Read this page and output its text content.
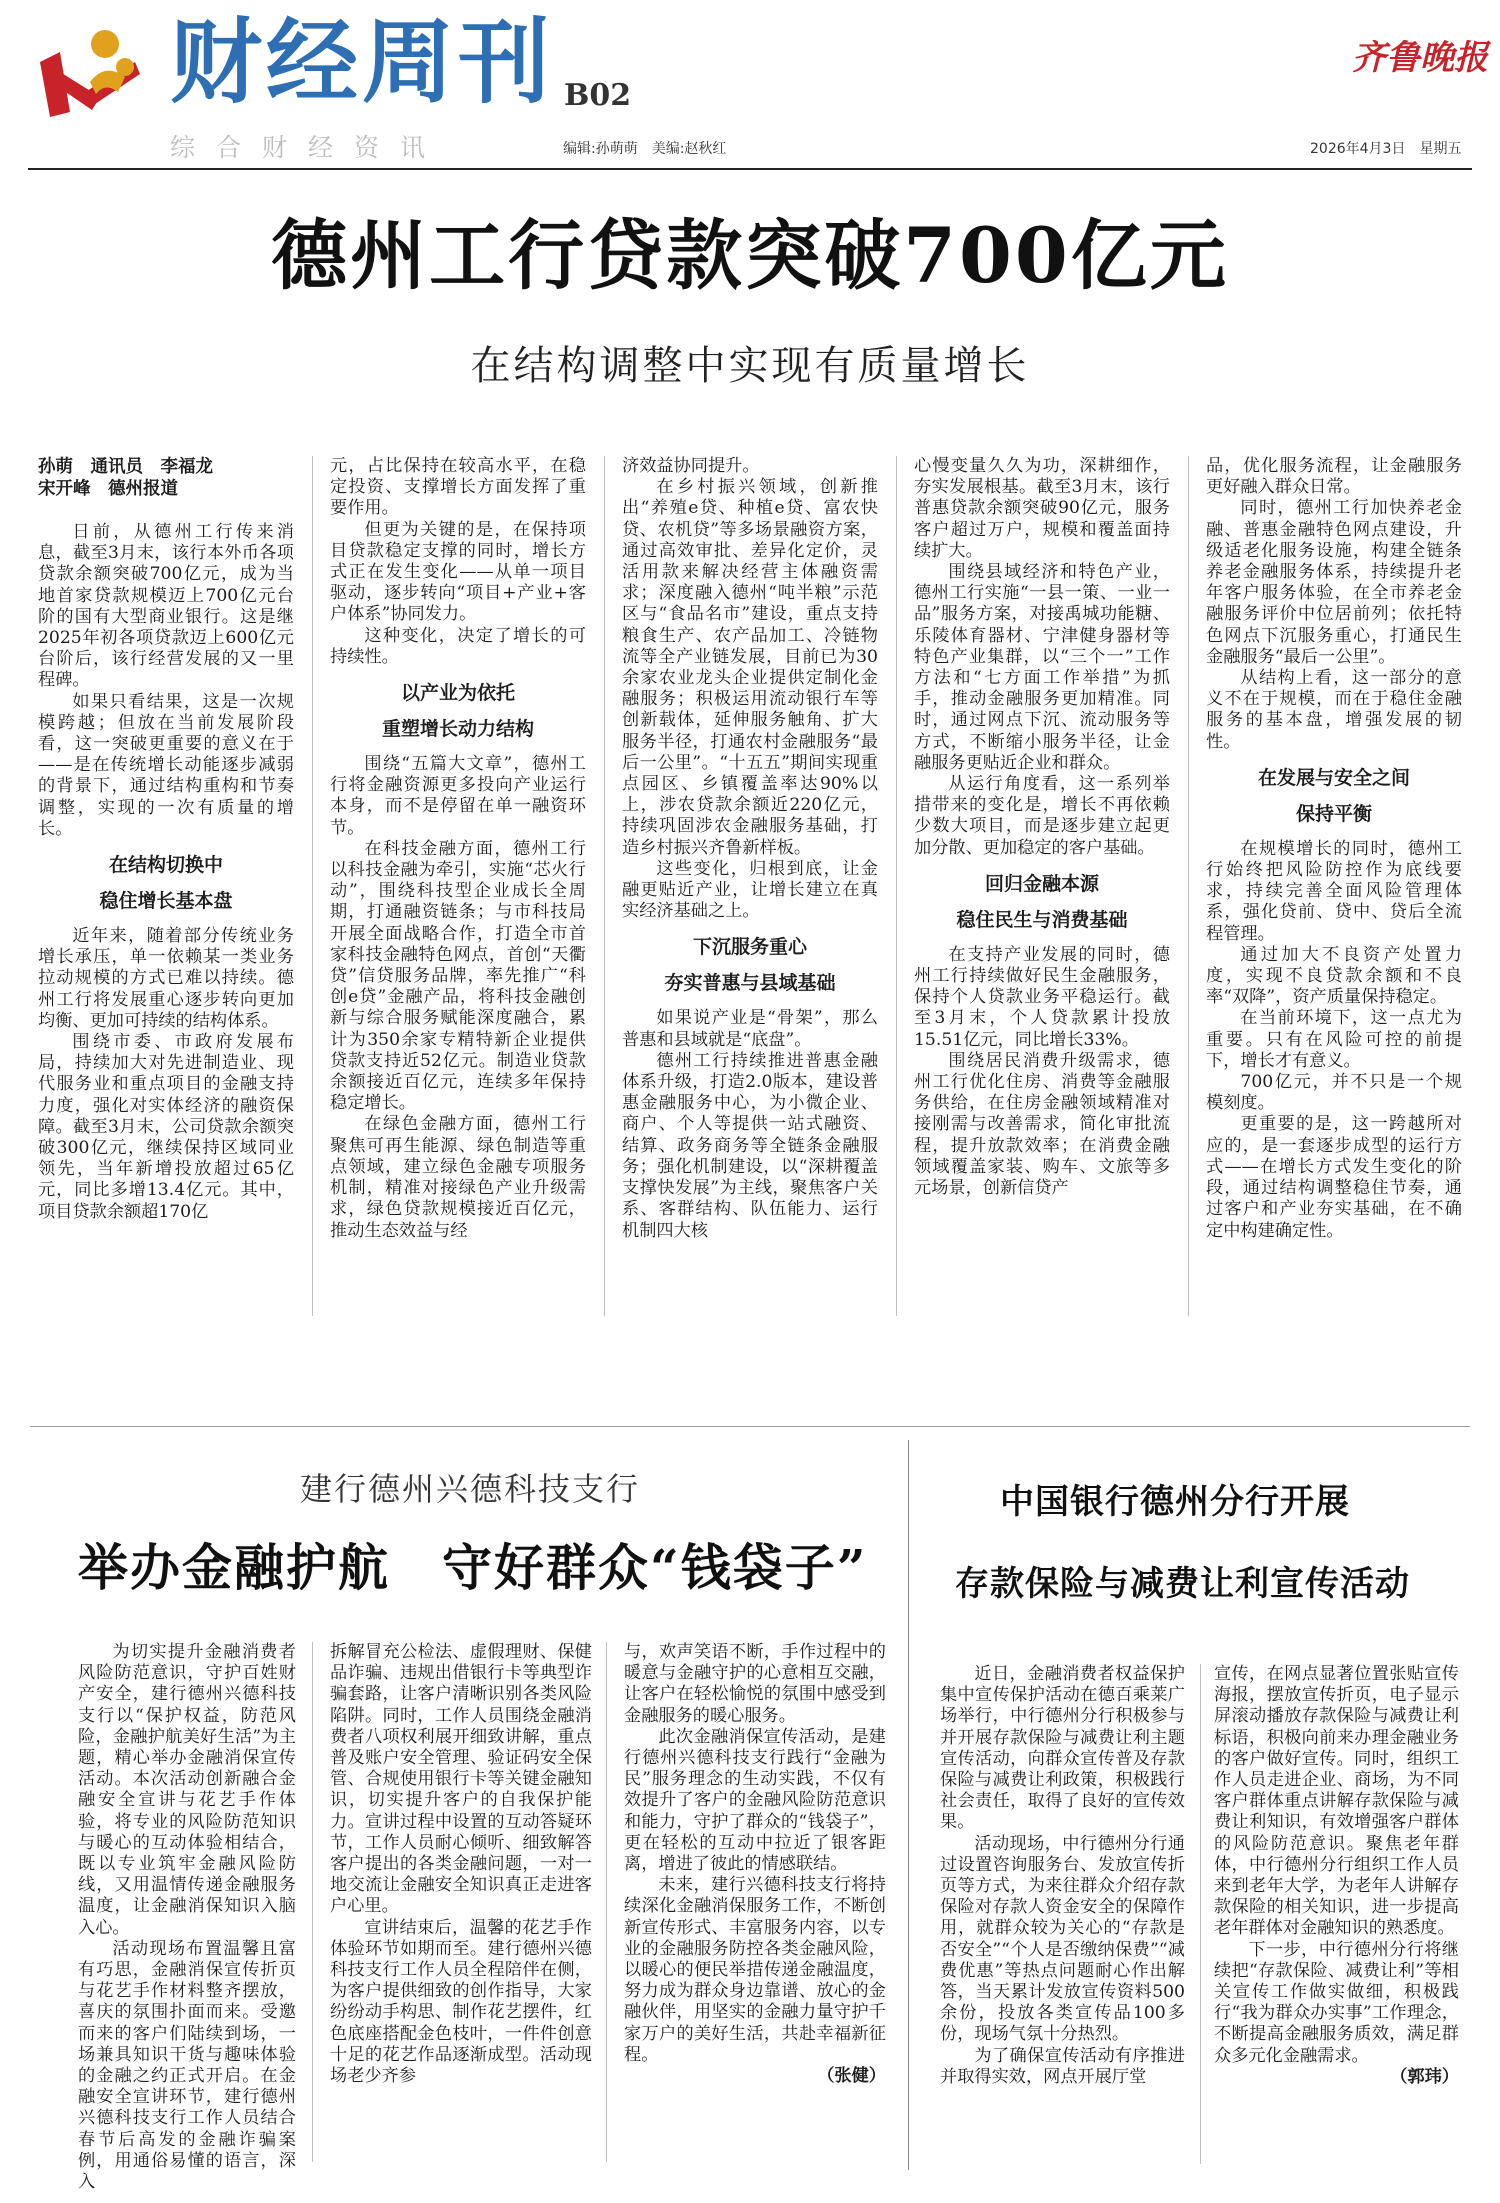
财经周刊 B02
综合财经资讯	编辑:孙萌萌　美编:赵秋红	2026年4月3日　星期五
齐鲁晚报
德州工行贷款突破700亿元
在结构调整中实现有质量增长

孙萌　通讯员　李福龙
宋开峰　德州报道

日前，从德州工行传来消息，截至3月末，该行本外币各项贷款余额突破700亿元，成为当地首家贷款规模迈上700亿元台阶的国有大型商业银行。这是继2025年初各项贷款迈上600亿元台阶后，该行经营发展的又一里程碑。

如果只看结果，这是一次规模跨越；但放在当前发展阶段看，这一突破更重要的意义在于——是在传统增长动能逐步减弱的背景下，通过结构重构和节奏调整，实现的一次有质量的增长。

在结构切换中

稳住增长基本盘

近年来，随着部分传统业务增长承压，单一依赖某一类业务拉动规模的方式已难以持续。德州工行将发展重心逐步转向更加均衡、更加可持续的结构体系。

围绕市委、市政府发展布局，持续加大对先进制造业、现代服务业和重点项目的金融支持力度，强化对实体经济的融资保障。截至3月末，公司贷款余额突破300亿元，继续保持区域同业领先，当年新增投放超过65亿元，同比多增13.4亿元。其中，项目贷款余额超170亿

元，占比保持在较高水平，在稳定投资、支撑增长方面发挥了重要作用。

但更为关键的是，在保持项目贷款稳定支撑的同时，增长方式正在发生变化——从单一项目驱动，逐步转向“项目+产业+客户体系”协同发力。

这种变化，决定了增长的可持续性。

以产业为依托

重塑增长动力结构

围绕“五篇大文章”，德州工行将金融资源更多投向产业运行本身，而不是停留在单一融资环节。

在科技金融方面，德州工行以科技金融为牵引，实施“芯火行动”，围绕科技型企业成长全周期，打通融资链条；与市科技局开展全面战略合作，打造全市首家科技金融特色网点，首创“天衢贷”信贷服务品牌，率先推广“科创e贷”金融产品，将科技金融创新与综合服务赋能深度融合，累计为350余家专精特新企业提供贷款支持近52亿元。制造业贷款余额接近百亿元，连续多年保持稳定增长。

在绿色金融方面，德州工行聚焦可再生能源、绿色制造等重点领域，建立绿色金融专项服务机制，精准对接绿色产业升级需求，绿色贷款规模接近百亿元，推动生态效益与经

济效益协同提升。

在乡村振兴领域，创新推出“养殖e贷、种植e贷、富农快贷、农机贷”等多场景融资方案，通过高效审批、差异化定价，灵活用款来解决经营主体融资需求；深度融入德州“吨半粮”示范区与“食品名市”建设，重点支持粮食生产、农产品加工、冷链物流等全产业链发展，目前已为30余家农业龙头企业提供定制化金融服务；积极运用流动银行车等创新载体，延伸服务触角、扩大服务半径，打通农村金融服务“最后一公里”。“十五五”期间实现重点园区、乡镇覆盖率达90%以上，涉农贷款余额近220亿元，持续巩固涉农金融服务基础，打造乡村振兴齐鲁新样板。

这些变化，归根到底，让金融更贴近产业，让增长建立在真实经济基础之上。

下沉服务重心

夯实普惠与县域基础

如果说产业是“骨架”，那么普惠和县域就是“底盘”。

德州工行持续推进普惠金融体系升级，打造2.0版本，建设普惠金融服务中心，为小微企业、商户、个人等提供一站式融资、结算、政务商务等全链条金融服务；强化机制建设，以“深耕覆盖　支撑快发展”为主线，聚焦客户关系、客群结构、队伍能力、运行机制四大核

心慢变量久久为功，深耕细作，夯实发展根基。截至3月末，该行普惠贷款余额突破90亿元，服务客户超过万户，规模和覆盖面持续扩大。

围绕县域经济和特色产业，德州工行实施“一县一策、一业一品”服务方案，对接禹城功能糖、乐陵体育器材、宁津健身器材等特色产业集群，以“三个一”工作方法和“七方面工作举措”为抓手，推动金融服务更加精准。同时，通过网点下沉、流动服务等方式，不断缩小服务半径，让金融服务更贴近企业和群众。

从运行角度看，这一系列举措带来的变化是，增长不再依赖少数大项目，而是逐步建立起更加分散、更加稳定的客户基础。

回归金融本源

稳住民生与消费基础

在支持产业发展的同时，德州工行持续做好民生金融服务，保持个人贷款业务平稳运行。截至3月末，个人贷款累计投放15.51亿元，同比增长33%。

围绕居民消费升级需求，德州工行优化住房、消费等金融服务供给，在住房金融领域精准对接刚需与改善需求，简化审批流程，提升放款效率；在消费金融领域覆盖家装、购车、文旅等多元场景，创新信贷产

品，优化服务流程，让金融服务更好融入群众日常。

同时，德州工行加快养老金融、普惠金融特色网点建设，升级适老化服务设施，构建全链条养老金融服务体系，持续提升老年客户服务体验，在全市养老金融服务评价中位居前列；依托特色网点下沉服务重心，打通民生金融服务“最后一公里”。

从结构上看，这一部分的意义不在于规模，而在于稳住金融服务的基本盘，增强发展的韧性。

在发展与安全之间

保持平衡

在规模增长的同时，德州工行始终把风险防控作为底线要求，持续完善全面风险管理体系，强化贷前、贷中、贷后全流程管理。

通过加大不良资产处置力度，实现不良贷款余额和不良率“双降”，资产质量保持稳定。

在当前环境下，这一点尤为重要。只有在风险可控的前提下，增长才有意义。

700亿元，并不只是一个规模刻度。

更重要的是，这一跨越所对应的，是一套逐步成型的运行方式——在增长方式发生变化的阶段，通过结构调整稳住节奏，通过客户和产业夯实基础，在不确定中构建确定性。

建行德州兴德科技支行
举办金融护航　守好群众“钱袋子”

为切实提升金融消费者风险防范意识，守护百姓财产安全，建行德州兴德科技支行以“保护权益，防范风险，金融护航美好生活”为主题，精心举办金融消保宣传活动。本次活动创新融合金融安全宣讲与花艺手作体验，将专业的风险防范知识与暖心的互动体验相结合，既以专业筑牢金融风险防线，又用温情传递金融服务温度，让金融消保知识入脑入心。

活动现场布置温馨且富有巧思，金融消保宣传折页与花艺手作材料整齐摆放，喜庆的氛围扑面而来。受邀而来的客户们陆续到场，一场兼具知识干货与趣味体验的金融之约正式开启。在金融安全宣讲环节，建行德州兴德科技支行工作人员结合春节后高发的金融诈骗案例，用通俗易懂的语言，深入

拆解冒充公检法、虚假理财、保健品诈骗、违规出借银行卡等典型诈骗套路，让客户清晰识别各类风险陷阱。同时，工作人员围绕金融消费者八项权利展开细致讲解，重点普及账户安全管理、验证码安全保管、合规使用银行卡等关键金融知识，切实提升客户的自我保护能力。宣讲过程中设置的互动答疑环节，工作人员耐心倾听、细致解答客户提出的各类金融问题，一对一地交流让金融安全知识真正走进客户心里。

宣讲结束后，温馨的花艺手作体验环节如期而至。建行德州兴德科技支行工作人员全程陪伴在侧，为客户提供细致的创作指导，大家纷纷动手构思、制作花艺摆件，红色底座搭配金色枝叶，一件件创意十足的花艺作品逐渐成型。活动现场老少齐参

与，欢声笑语不断，手作过程中的暖意与金融守护的心意相互交融，让客户在轻松愉悦的氛围中感受到金融服务的暖心服务。

此次金融消保宣传活动，是建行德州兴德科技支行践行“金融为民”服务理念的生动实践，不仅有效提升了客户的金融风险防范意识和能力，守护了群众的“钱袋子”，更在轻松的互动中拉近了银客距离，增进了彼此的情感联结。

未来，建行兴德科技支行将持续深化金融消保服务工作，不断创新宣传形式、丰富服务内容，以专业的金融服务防控各类金融风险，以暖心的便民举措传递金融温度，努力成为群众身边靠谱、放心的金融伙伴，用坚实的金融力量守护千家万户的美好生活，共赴幸福新征程。

（张健）

中国银行德州分行开展
存款保险与减费让利宣传活动

近日，金融消费者权益保护集中宣传保护活动在德百乘莱广场举行，中行德州分行积极参与并开展存款保险与减费让利主题宣传活动，向群众宣传普及存款保险与减费让利政策，积极践行社会责任，取得了良好的宣传效果。

活动现场，中行德州分行通过设置咨询服务台、发放宣传折页等方式，为来往群众介绍存款保险对存款人资金安全的保障作用，就群众较为关心的“存款是否安全”“个人是否缴纳保费”“减费优惠”等热点问题耐心作出解答，当天累计发放宣传资料500余份，投放各类宣传品100多份，现场气氛十分热烈。

为了确保宣传活动有序推进并取得实效，网点开展厅堂

宣传，在网点显著位置张贴宣传海报，摆放宣传折页，电子显示屏滚动播放存款保险与减费让利标语，积极向前来办理金融业务的客户做好宣传。同时，组织工作人员走进企业、商场，为不同客户群体重点讲解存款保险与减费让利知识，有效增强客户群体的风险防范意识。聚焦老年群体，中行德州分行组织工作人员来到老年大学，为老年人讲解存款保险的相关知识，进一步提高老年群体对金融知识的熟悉度。

下一步，中行德州分行将继续把“存款保险、减费让利”等相关宣传工作做实做细，积极践行“我为群众办实事”工作理念，不断提高金融服务质效，满足群众多元化金融需求。

（郭玮）
